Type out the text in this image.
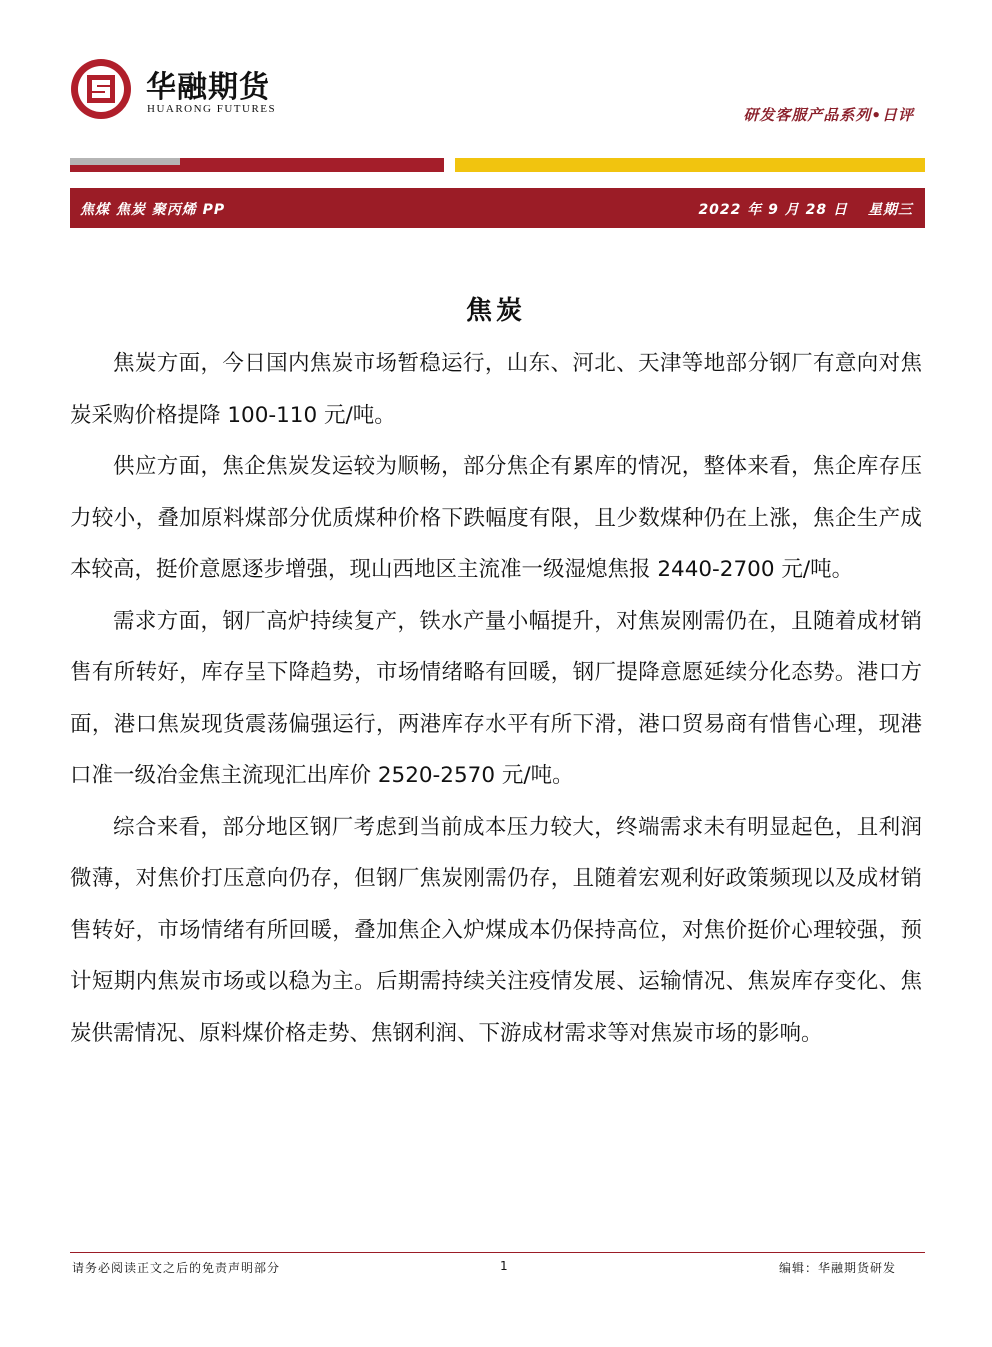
华融期货
HUARONG FUTURES	研发客服产品系列•日评
焦煤 焦炭 聚丙烯 PP	2022 年 9 月 28 日 星期三
焦炭

焦炭方面，今日国内焦炭市场暂稳运行，山东、河北、天津等地部分钢厂有意向对焦炭采购价格提降 100-110 元/吨。

供应方面，焦企焦炭发运较为顺畅，部分焦企有累库的情况，整体来看，焦企库存压力较小，叠加原料煤部分优质煤种价格下跌幅度有限，且少数煤种仍在上涨，焦企生产成本较高，挺价意愿逐步增强，现山西地区主流准一级湿熄焦报 2440-2700 元/吨。

需求方面，钢厂高炉持续复产，铁水产量小幅提升，对焦炭刚需仍在，且随着成材销售有所转好，库存呈下降趋势，市场情绪略有回暖，钢厂提降意愿延续分化态势。港口方面，港口焦炭现货震荡偏强运行，两港库存水平有所下滑，港口贸易商有惜售心理，现港口准一级冶金焦主流现汇出库价 2520-2570 元/吨。

综合来看，部分地区钢厂考虑到当前成本压力较大，终端需求未有明显起色，且利润微薄，对焦价打压意向仍存，但钢厂焦炭刚需仍存，且随着宏观利好政策频现以及成材销售转好，市场情绪有所回暖，叠加焦企入炉煤成本仍保持高位，对焦价挺价心理较强，预计短期内焦炭市场或以稳为主。后期需持续关注疫情发展、运输情况、焦炭库存变化、焦炭供需情况、原料煤价格走势、焦钢利润、下游成材需求等对焦炭市场的影响。

请务必阅读正文之后的免责声明部分	1	编辑：华融期货研发
